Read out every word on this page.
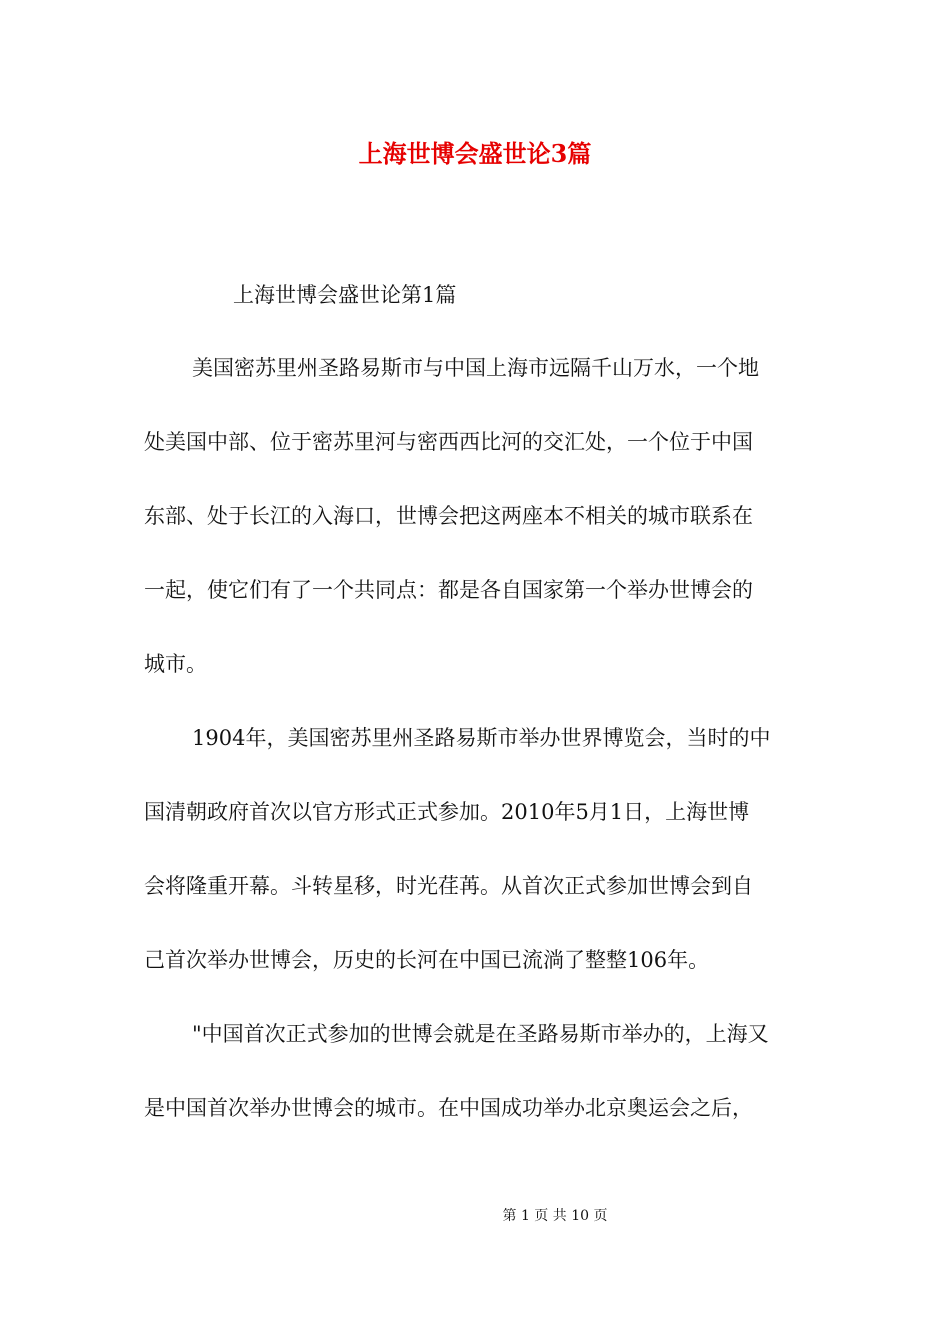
上海世博会盛世论3篇

上海世博会盛世论第1篇

美国密苏里州圣路易斯市与中国上海市远隔千山万水，一个地
处美国中部、位于密苏里河与密西西比河的交汇处，一个位于中国
东部、处于长江的入海口，世博会把这两座本不相关的城市联系在
一起，使它们有了一个共同点：都是各自国家第一个举办世博会的
城市。
1904年，美国密苏里州圣路易斯市举办世界博览会，当时的中
国清朝政府首次以官方形式正式参加。2010年5月1日，上海世博
会将隆重开幕。斗转星移，时光荏苒。从首次正式参加世博会到自
己首次举办世博会，历史的长河在中国已流淌了整整106年。
"中国首次正式参加的世博会就是在圣路易斯市举办的，上海又
是中国首次举办世博会的城市。在中国成功举办北京奥运会之后，

第 1 页 共 10 页
